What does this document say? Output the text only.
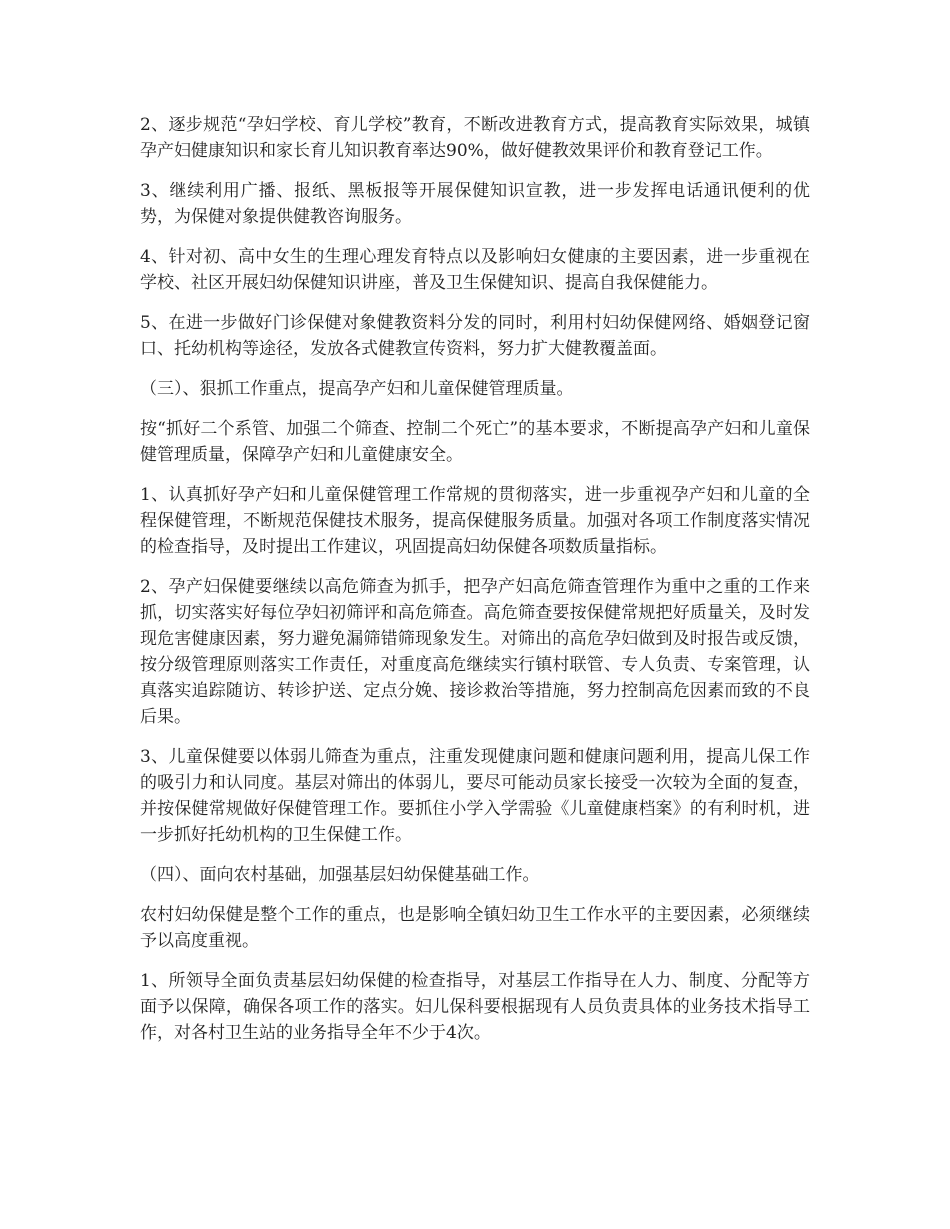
2、逐步规范“孕妇学校、育儿学校”教育，不断改进教育方式，提高教育实际效果，城镇孕产妇健康知识和家长育儿知识教育率达90%，做好健教效果评价和教育登记工作。

3、继续利用广播、报纸、黑板报等开展保健知识宣教，进一步发挥电话通讯便利的优势，为保健对象提供健教咨询服务。

4、针对初、高中女生的生理心理发育特点以及影响妇女健康的主要因素，进一步重视在学校、社区开展妇幼保健知识讲座，普及卫生保健知识、提高自我保健能力。

5、在进一步做好门诊保健对象健教资料分发的同时，利用村妇幼保健网络、婚姻登记窗口、托幼机构等途径，发放各式健教宣传资料，努力扩大健教覆盖面。

（三）、狠抓工作重点，提高孕产妇和儿童保健管理质量。

按“抓好二个系管、加强二个筛查、控制二个死亡”的基本要求，不断提高孕产妇和儿童保健管理质量，保障孕产妇和儿童健康安全。

1、认真抓好孕产妇和儿童保健管理工作常规的贯彻落实，进一步重视孕产妇和儿童的全程保健管理，不断规范保健技术服务，提高保健服务质量。加强对各项工作制度落实情况的检查指导，及时提出工作建议，巩固提高妇幼保健各项数质量指标。

2、孕产妇保健要继续以高危筛查为抓手，把孕产妇高危筛查管理作为重中之重的工作来抓，切实落实好每位孕妇初筛评和高危筛查。高危筛查要按保健常规把好质量关，及时发现危害健康因素，努力避免漏筛错筛现象发生。对筛出的高危孕妇做到及时报告或反馈，按分级管理原则落实工作责任，对重度高危继续实行镇村联管、专人负责、专案管理，认真落实追踪随访、转诊护送、定点分娩、接诊救治等措施，努力控制高危因素而致的不良后果。

3、儿童保健要以体弱儿筛查为重点，注重发现健康问题和健康问题利用，提高儿保工作的吸引力和认同度。基层对筛出的体弱儿，要尽可能动员家长接受一次较为全面的复查，并按保健常规做好保健管理工作。要抓住小学入学需验《儿童健康档案》的有利时机，进一步抓好托幼机构的卫生保健工作。

（四）、面向农村基础，加强基层妇幼保健基础工作。

农村妇幼保健是整个工作的重点，也是影响全镇妇幼卫生工作水平的主要因素，必须继续予以高度重视。

1、所领导全面负责基层妇幼保健的检查指导，对基层工作指导在人力、制度、分配等方面予以保障，确保各项工作的落实。妇儿保科要根据现有人员负责具体的业务技术指导工作，对各村卫生站的业务指导全年不少于4次。
